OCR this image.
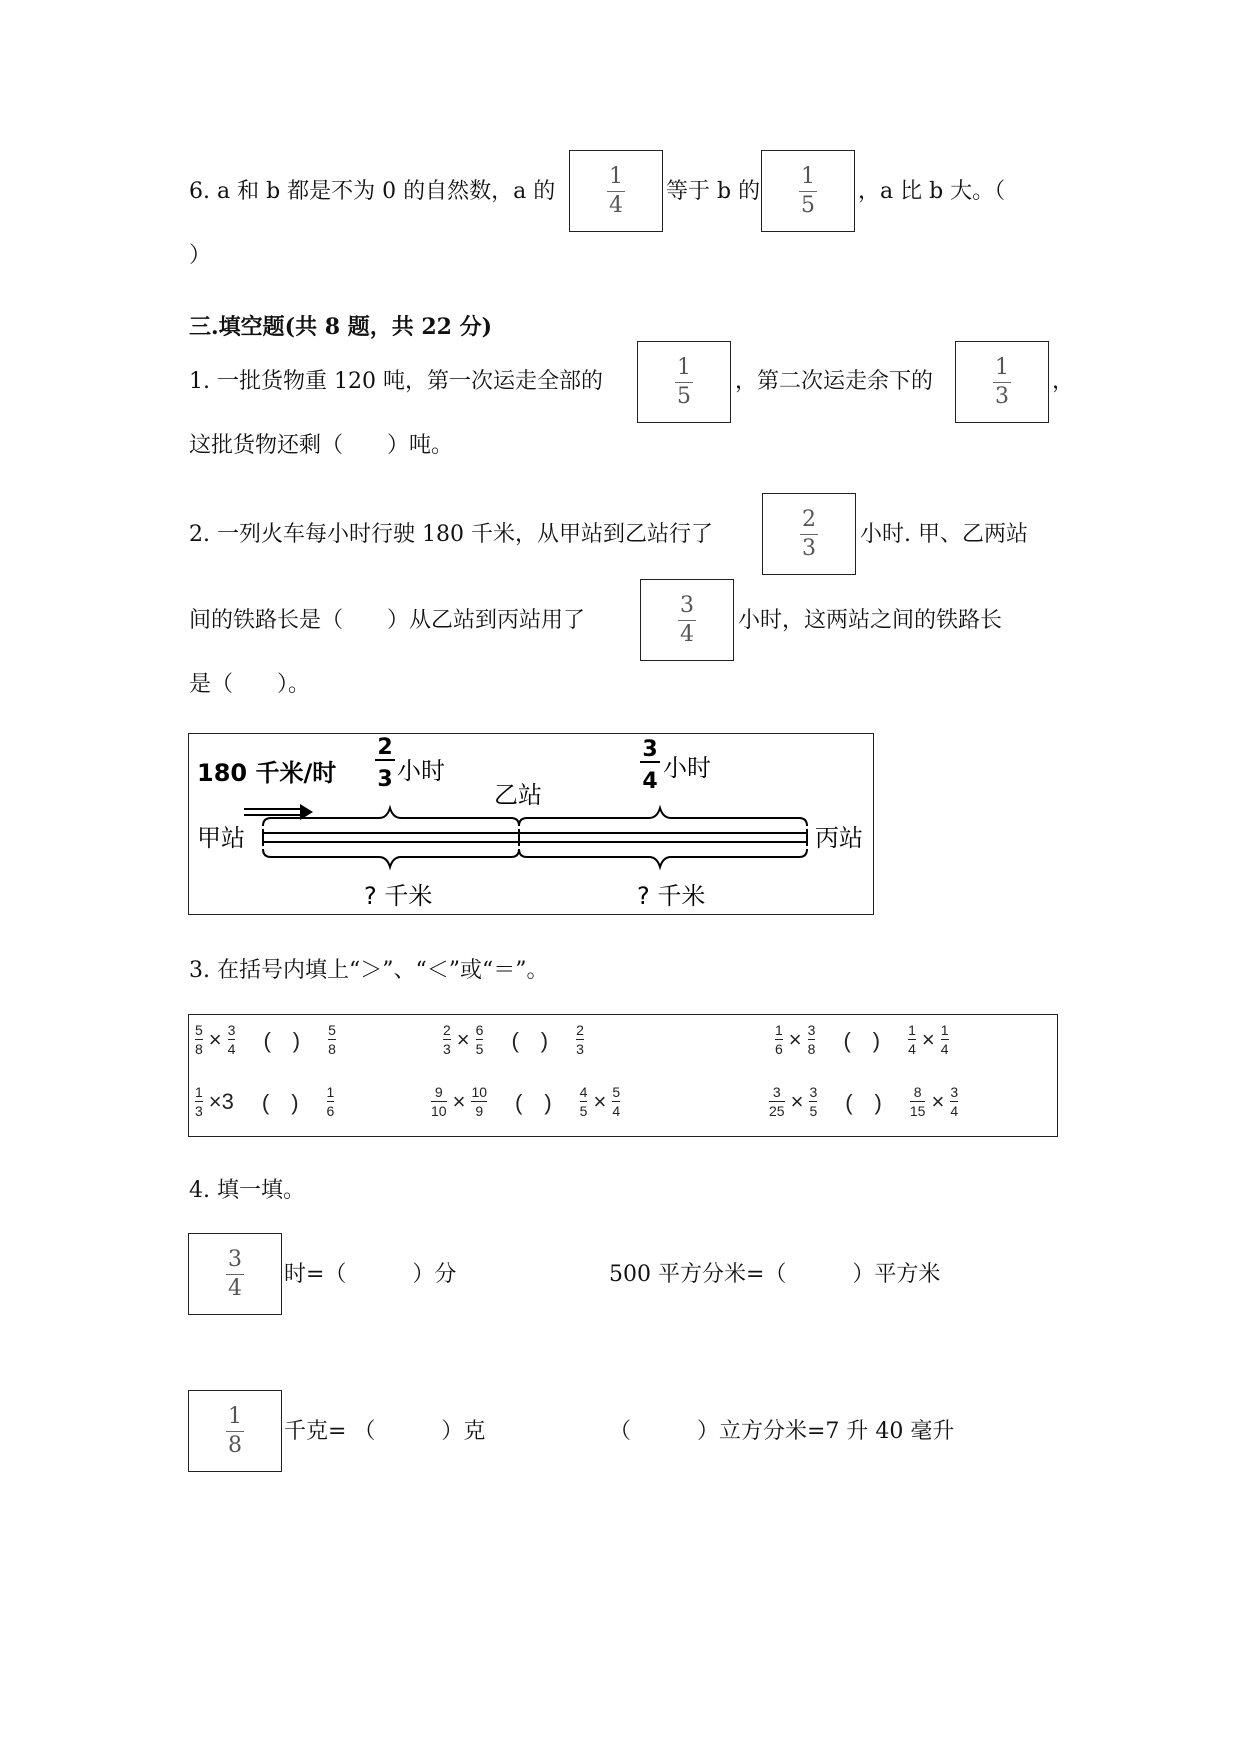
6. a 和 b 都是不为 0 的自然数，a 的 $\frac{1}{4}$ 等于 b 的 $\frac{1}{5}$ ，a 比 b 大。（
）
三.填空题(共 8 题，共 22 分)
1. 一批货物重 120 吨，第一次运走全部的	$\frac{1}{5}$ ，第二次运走余下的	$\frac{1}{3}$ ，
这批货物还剩（　　）吨。
2. 一列火车每小时行驶 180 千米，从甲站到乙站行了	$\frac{2}{3}$ 小时. 甲、乙两站
间的铁路长是（　　）从乙站到丙站用了	$\frac{3}{4}$ 小时，这两站之间的铁路长
是（　　）。
180 千米/时
2
3 小时
3
4 小时
甲站
乙站
丙站
? 千米	? 千米
3. 在括号内填上“＞”、“＜”或“＝”。
$\frac{5}{8} \times \frac{3}{4}$ (　) $\frac{5}{8}$	$\frac{2}{3} \times \frac{6}{5}$ (　) $\frac{2}{3}$	$\frac{1}{6} \times \frac{3}{8}$ (　) $\frac{1}{4} \times \frac{1}{4}$
$\frac{1}{3} \times 3$ (　) $\frac{1}{6}$	$\frac{9}{10} \times \frac{10}{9}$ (　) $\frac{4}{5} \times \frac{5}{4}$	$\frac{3}{25} \times \frac{3}{5}$ (　) $\frac{8}{15} \times \frac{3}{4}$
4. 填一填。
$\frac{3}{4}$ 时=（　　　）分	500 平方分米=（　　　）平方米
$\frac{1}{8}$ 千克= （　　　）克	（　　　）立方分米=7 升 40 毫升
